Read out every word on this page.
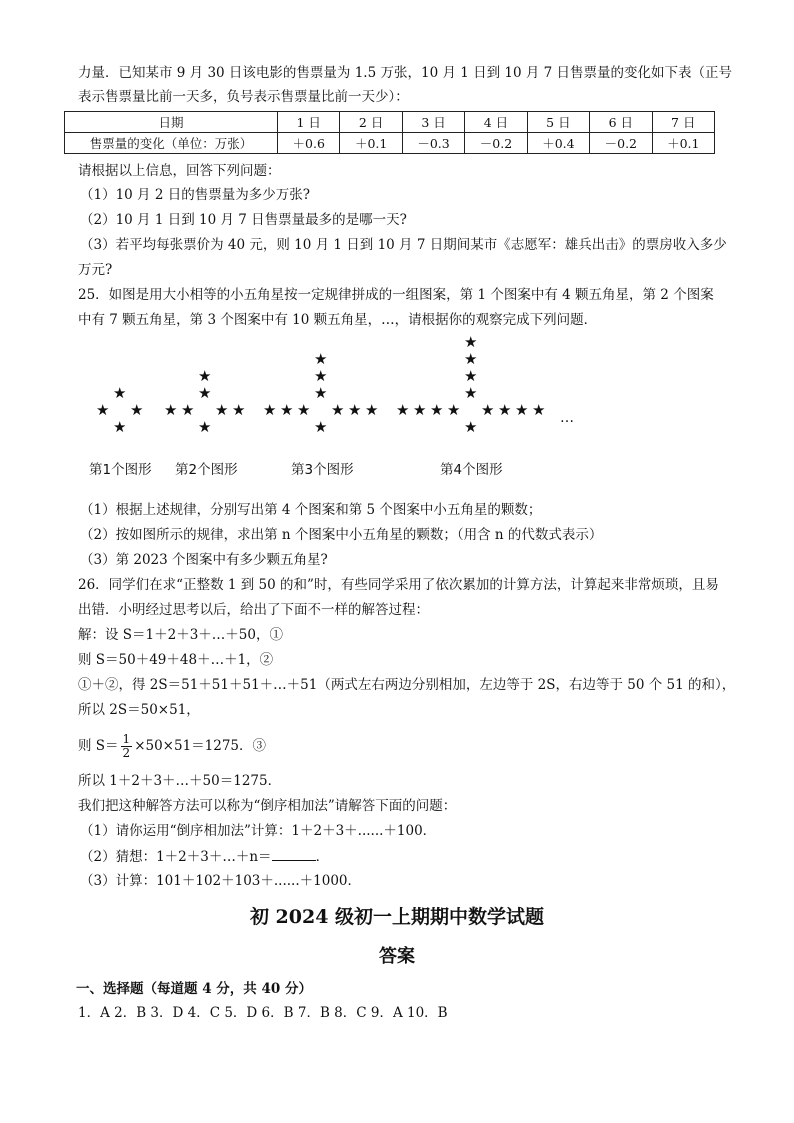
力量．已知某市 9 月 30 日该电影的售票量为 1.5 万张，10 月 1 日到 10 月 7 日售票量的变化如下表（正号
表示售票量比前一天多，负号表示售票量比前一天少）：
日期	1 日	2 日	3 日	4 日	5 日	6 日	7 日
售票量的变化（单位：万张）	＋0.6	＋0.1	－0.3	－0.2	＋0.4	－0.2	＋0.1
请根据以上信息，回答下列问题：
（1）10 月 2 日的售票量为多少万张?
（2）10 月 1 日到 10 月 7 日售票量最多的是哪一天?
（3）若平均每张票价为 40 元，则 10 月 1 日到 10 月 7 日期间某市《志愿军：雄兵出击》的票房收入多少
万元?
25．如图是用大小相等的小五角星按一定规律拼成的一组图案，第 1 个图案中有 4 颗五角星，第 2 个图案
中有 7 颗五角星，第 3 个图案中有 10 颗五角星，…，请根据你的观察完成下列问题．
…
第1个图形 第2个图形	第3个图形	第4个图形
★ ★
★
★
★ ★
★
★	★
★
★
★ ★
★
★	★
★
★	★
★
★
★ ★
★
★	★
★
★	★
★
★	★
★
★
（1）根据上述规律，分别写出第 4 个图案和第 5 个图案中小五角星的颗数；
（2）按如图所示的规律，求出第 n 个图案中小五角星的颗数；（用含 n 的代数式表示）
（3）第 2023 个图案中有多少颗五角星?
26．同学们在求“正整数 1 到 50 的和”时，有些同学采用了依次累加的计算方法，计算起来非常烦琐，且易
出错．小明经过思考以后，给出了下面不一样的解答过程：
解：设 S＝1＋2＋3＋…＋50，①
则 S＝50＋49＋48＋…＋1，②
①＋②，得 2S＝51＋51＋51＋…＋51（两式左右两边分别相加，左边等于 2S，右边等于 50 个 51 的和），
所以 2S＝50×51，
则 $S= \frac{1}{2} \times 50\times 51=1275$．③
所以 1＋2＋3＋…＋50＝1275．
我们把这种解答方法可以称为“倒序相加法”请解答下面的问题：
（1）请你运用“倒序相加法”计算：1＋2＋3＋......＋100．
（2）猜想：1＋2＋3＋…＋n＝	．
（3）计算：101＋102＋103＋......＋1000．
初 2024 级初一上期期中数学试题
答案
一、选择题（每道题 4 分，共 40 分）
1．A 2．B 3．D 4．C 5．D 6．B 7．B 8．C 9．A 10．B
